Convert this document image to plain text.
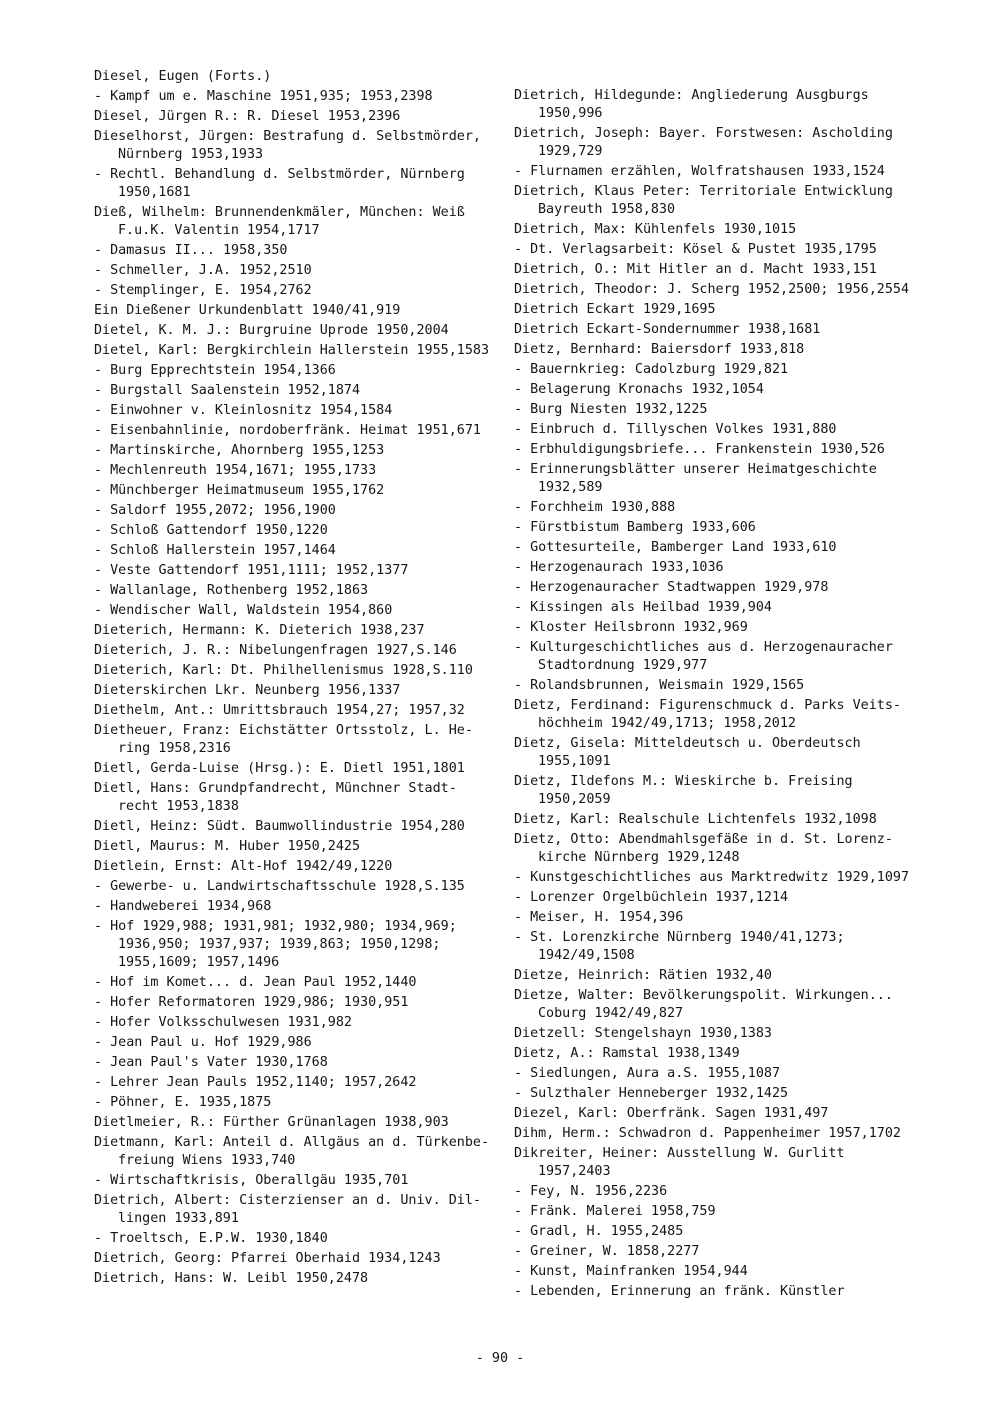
Diesel, Eugen (Forts.)
- Kampf um e. Maschine 1951,935; 1953,2398
Diesel, Jürgen R.: R. Diesel 1953,2396
Dieselhorst, Jürgen: Bestrafung d. Selbstmörder,
Nürnberg 1953,1933
- Rechtl. Behandlung d. Selbstmörder, Nürnberg
1950,1681
Dieß, Wilhelm: Brunnendenkmäler, München: Weiß
F.u.K. Valentin 1954,1717
- Damasus II... 1958,350
- Schmeller, J.A. 1952,2510
- Stemplinger, E. 1954,2762
Ein Dießener Urkundenblatt 1940/41,919
Dietel, K. M. J.: Burgruine Uprode 1950,2004
Dietel, Karl: Bergkirchlein Hallerstein 1955,1583
- Burg Epprechtstein 1954,1366
- Burgstall Saalenstein 1952,1874
- Einwohner v. Kleinlosnitz 1954,1584
- Eisenbahnlinie, nordoberfränk. Heimat 1951,671
- Martinskirche, Ahornberg 1955,1253
- Mechlenreuth 1954,1671; 1955,1733
- Münchberger Heimatmuseum 1955,1762
- Saldorf 1955,2072; 1956,1900
- Schloß Gattendorf 1950,1220
- Schloß Hallerstein 1957,1464
- Veste Gattendorf 1951,1111; 1952,1377
- Wallanlage, Rothenberg 1952,1863
- Wendischer Wall, Waldstein 1954,860
Dieterich, Hermann: K. Dieterich 1938,237
Dieterich, J. R.: Nibelungenfragen 1927,S.146
Dieterich, Karl: Dt. Philhellenismus 1928,S.110
Dieterskirchen Lkr. Neunberg 1956,1337
Diethelm, Ant.: Umrittsbrauch 1954,27; 1957,32
Dietheuer, Franz: Eichstätter Ortsstolz, L. He-
ring 1958,2316
Dietl, Gerda-Luise (Hrsg.): E. Dietl 1951,1801
Dietl, Hans: Grundpfandrecht, Münchner Stadt-
recht 1953,1838
Dietl, Heinz: Südt. Baumwollindustrie 1954,280
Dietl, Maurus: M. Huber 1950,2425
Dietlein, Ernst: Alt-Hof 1942/49,1220
- Gewerbe- u. Landwirtschaftsschule 1928,S.135
- Handweberei 1934,968
- Hof 1929,988; 1931,981; 1932,980; 1934,969;
1936,950; 1937,937; 1939,863; 1950,1298;
1955,1609; 1957,1496
- Hof im Komet... d. Jean Paul 1952,1440
- Hofer Reformatoren 1929,986; 1930,951
- Hofer Volksschulwesen 1931,982
- Jean Paul u. Hof 1929,986
- Jean Paul's Vater 1930,1768
- Lehrer Jean Pauls 1952,1140; 1957,2642
- Pöhner, E. 1935,1875
Dietlmeier, R.: Fürther Grünanlagen 1938,903
Dietmann, Karl: Anteil d. Allgäus an d. Türkenbe-
freiung Wiens 1933,740
- Wirtschaftkrisis, Oberallgäu 1935,701
Dietrich, Albert: Cisterzienser an d. Univ. Dil-
lingen 1933,891
- Troeltsch, E.P.W. 1930,1840
Dietrich, Georg: Pfarrei Oberhaid 1934,1243
Dietrich, Hans: W. Leibl 1950,2478
Dietrich, Hildegunde: Angliederung Ausgburgs
1950,996
Dietrich, Joseph: Bayer. Forstwesen: Ascholding
1929,729
- Flurnamen erzählen, Wolfratshausen 1933,1524
Dietrich, Klaus Peter: Territoriale Entwicklung
Bayreuth 1958,830
Dietrich, Max: Kühlenfels 1930,1015
- Dt. Verlagsarbeit: Kösel & Pustet 1935,1795
Dietrich, O.: Mit Hitler an d. Macht 1933,151
Dietrich, Theodor: J. Scherg 1952,2500; 1956,2554
Dietrich Eckart 1929,1695
Dietrich Eckart-Sondernummer 1938,1681
Dietz, Bernhard: Baiersdorf 1933,818
- Bauernkrieg: Cadolzburg 1929,821
- Belagerung Kronachs 1932,1054
- Burg Niesten 1932,1225
- Einbruch d. Tillyschen Volkes 1931,880
- Erbhuldigungsbriefe... Frankenstein 1930,526
- Erinnerungsblätter unserer Heimatgeschichte
1932,589
- Forchheim 1930,888
- Fürstbistum Bamberg 1933,606
- Gottesurteile, Bamberger Land 1933,610
- Herzogenaurach 1933,1036
- Herzogenauracher Stadtwappen 1929,978
- Kissingen als Heilbad 1939,904
- Kloster Heilsbronn 1932,969
- Kulturgeschichtliches aus d. Herzogenauracher
Stadtordnung 1929,977
- Rolandsbrunnen, Weismain 1929,1565
Dietz, Ferdinand: Figurenschmuck d. Parks Veits-
höchheim 1942/49,1713; 1958,2012
Dietz, Gisela: Mitteldeutsch u. Oberdeutsch
1955,1091
Dietz, Ildefons M.: Wieskirche b. Freising
1950,2059
Dietz, Karl: Realschule Lichtenfels 1932,1098
Dietz, Otto: Abendmahlsgefäße in d. St. Lorenz-
kirche Nürnberg 1929,1248
- Kunstgeschichtliches aus Marktredwitz 1929,1097
- Lorenzer Orgelbüchlein 1937,1214
- Meiser, H. 1954,396
- St. Lorenzkirche Nürnberg 1940/41,1273;
1942/49,1508
Dietze, Heinrich: Rätien 1932,40
Dietze, Walter: Bevölkerungspolit. Wirkungen...
Coburg 1942/49,827
Dietzell: Stengelshayn 1930,1383
Dietz, A.: Ramstal 1938,1349
- Siedlungen, Aura a.S. 1955,1087
- Sulzthaler Henneberger 1932,1425
Diezel, Karl: Oberfränk. Sagen 1931,497
Dihm, Herm.: Schwadron d. Pappenheimer 1957,1702
Dikreiter, Heiner: Ausstellung W. Gurlitt
1957,2403
- Fey, N. 1956,2236
- Fränk. Malerei 1958,759
- Gradl, H. 1955,2485
- Greiner, W. 1858,2277
- Kunst, Mainfranken 1954,944
- Lebenden, Erinnerung an fränk. Künstler
- 90 -
